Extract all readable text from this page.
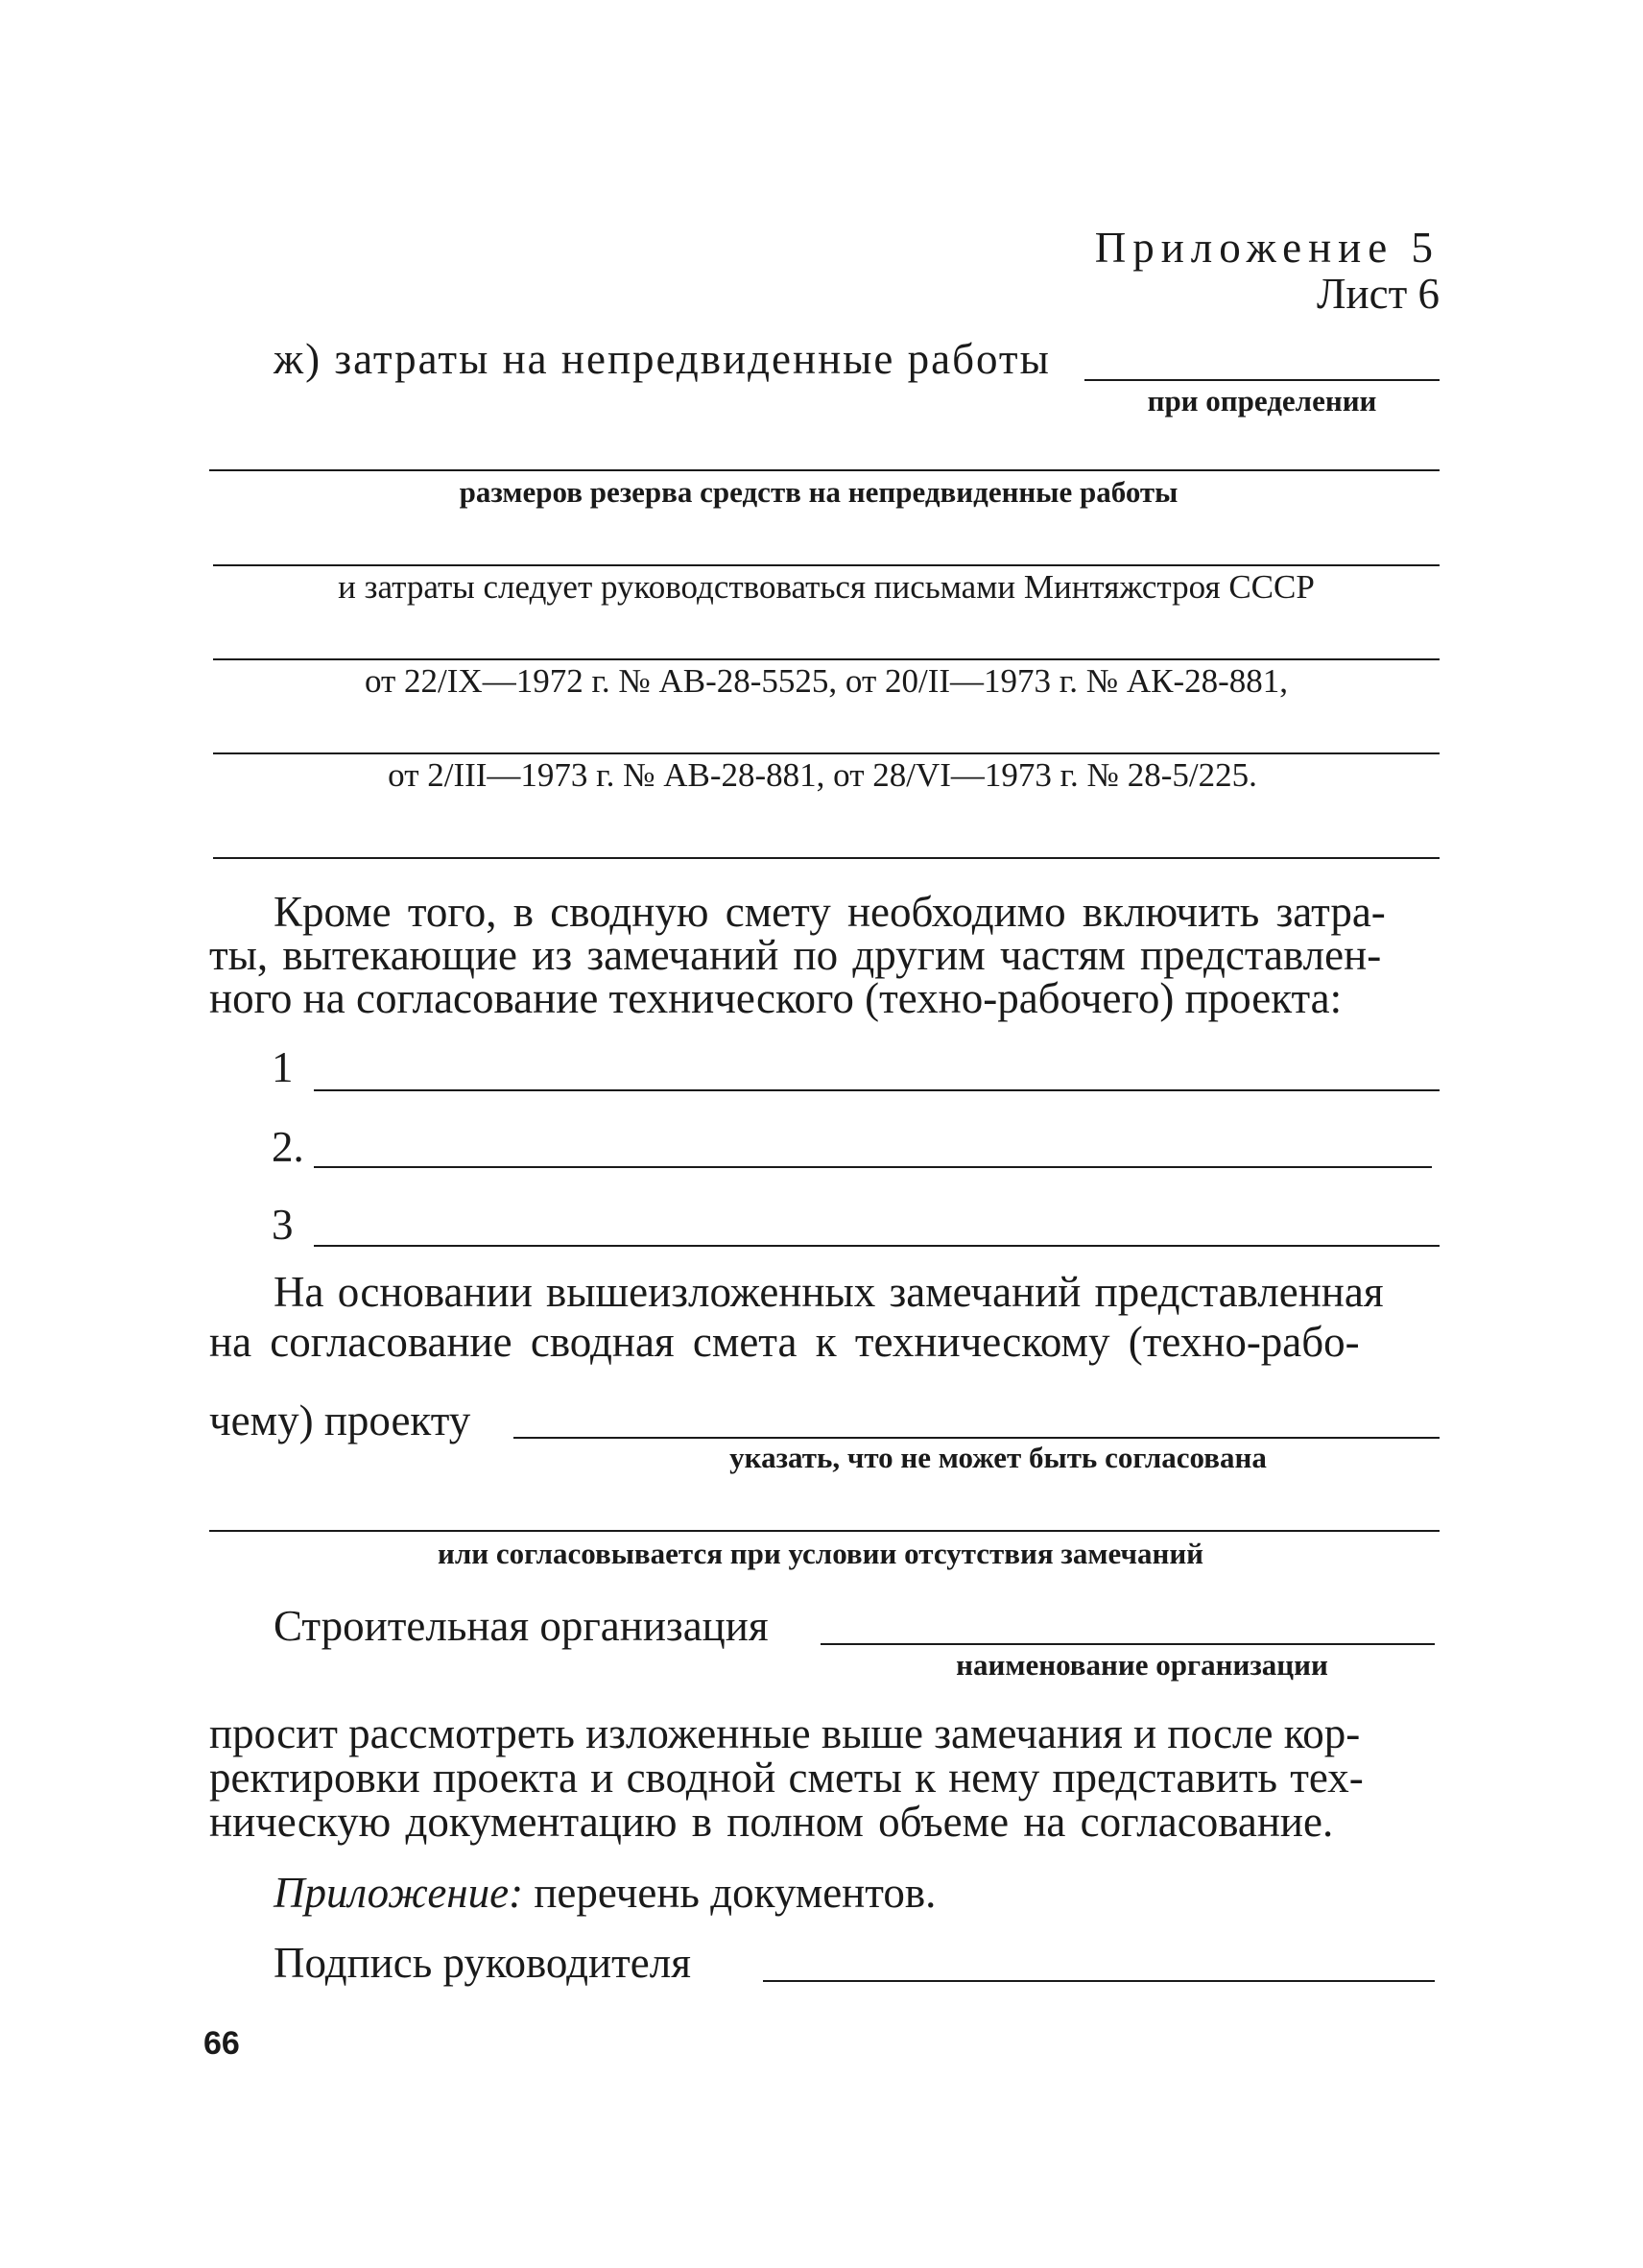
Приложение 5
Лист 6
ж) затраты на непредвиденные работы
при определении
размеров резерва средств на непредвиденные работы
и затраты следует руководствоваться письмами Минтяжстроя СССР
от 22/IX—1972 г. № АВ-28-5525, от 20/II—1973 г. № АК-28-881,
от 2/III—1973 г. № АВ-28-881, от 28/VI—1973 г. № 28-5/225.
Кроме того, в сводную смету необходимо включить затра-
ты, вытекающие из замечаний по другим частям представлен-
ного на согласование технического (техно-рабочего) проекта:
1
2.
3
На основании вышеизложенных замечаний представленная
на согласование сводная смета к техническому (техно-рабо-
чему) проекту
указать, что не может быть согласована
или согласовывается при условии отсутствия замечаний
Строительная организация
наименование организации
просит рассмотреть изложенные выше замечания и после кор-
ректировки проекта и сводной сметы к нему представить тех-
ническую документацию в полном объеме на согласование.
Приложение: перечень документов.
Подпись руководителя
66
